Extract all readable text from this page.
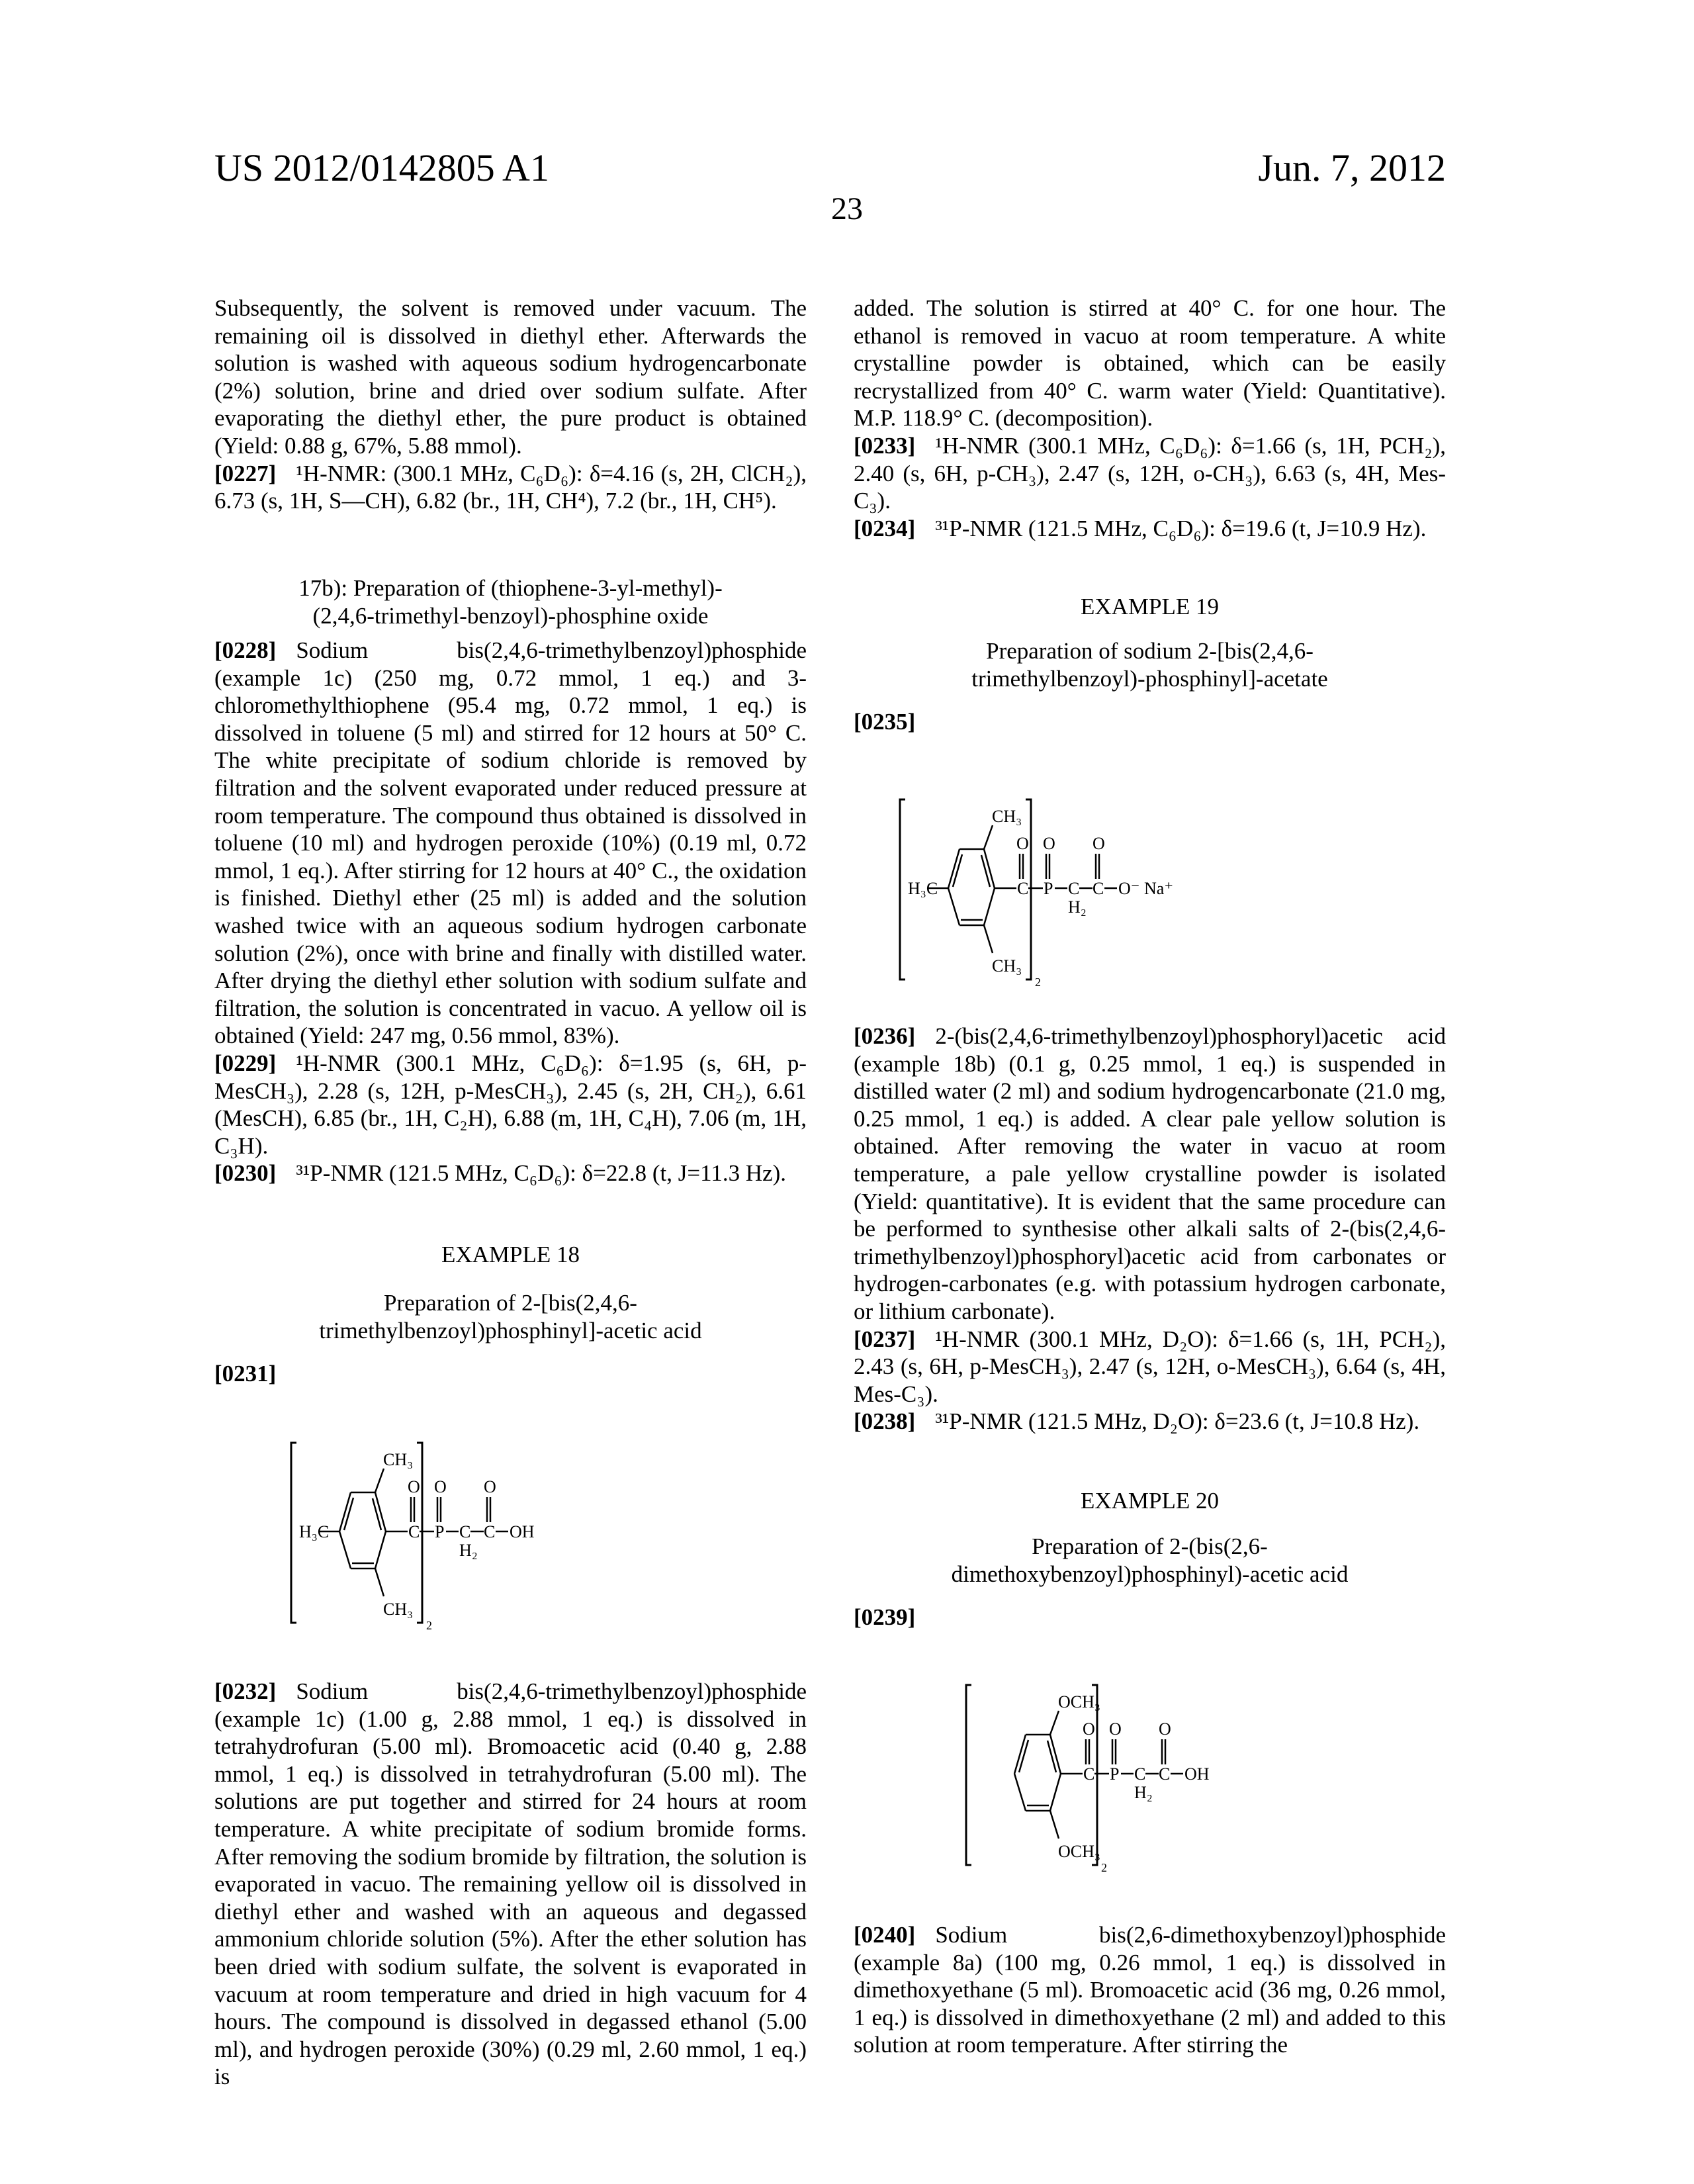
US 2012/0142805 A1	Jun. 7, 2012
23

Subsequently, the solvent is removed under vacuum. The remaining oil is dissolved in diethyl ether. Afterwards the solution is washed with aqueous sodium hydrogencarbonate (2%) solution, brine and dried over sodium sulfate. After evaporating the diethyl ether, the pure product is obtained (Yield: 0.88 g, 67%, 5.88 mmol).

[0227] ¹H-NMR: (300.1 MHz, C₆D₆): δ=4.16 (s, 2H, ClCH₂), 6.73 (s, 1H, S—CH), 6.82 (br., 1H, CH⁴), 7.2 (br., 1H, CH⁵).

17b): Preparation of (thiophene-3-yl-methyl)-(2,4,6-trimethyl-benzoyl)-phosphine oxide

[0228] Sodium bis(2,4,6-trimethylbenzoyl)phosphide (example 1c) (250 mg, 0.72 mmol, 1 eq.) and 3-chloromethylthiophene (95.4 mg, 0.72 mmol, 1 eq.) is dissolved in toluene (5 ml) and stirred for 12 hours at 50° C. The white precipitate of sodium chloride is removed by filtration and the solvent evaporated under reduced pressure at room temperature. The compound thus obtained is dissolved in toluene (10 ml) and hydrogen peroxide (10%) (0.19 ml, 0.72 mmol, 1 eq.). After stirring for 12 hours at 40° C., the oxidation is finished. Diethyl ether (25 ml) is added and the solution washed twice with an aqueous sodium hydrogen carbonate solution (2%), once with brine and finally with distilled water. After drying the diethyl ether solution with sodium sulfate and filtration, the solution is concentrated in vacuo. A yellow oil is obtained (Yield: 247 mg, 0.56 mmol, 83%).

[0229] ¹H-NMR (300.1 MHz, C₆D₆): δ=1.95 (s, 6H, p-MesCH₃), 2.28 (s, 12H, p-MesCH₃), 2.45 (s, 2H, CH₂), 6.61 (MesCH), 6.85 (br., 1H, C₂H), 6.88 (m, 1H, C₄H), 7.06 (m, 1H, C₃H).

[0230] ³¹P-NMR (121.5 MHz, C₆D₆): δ=22.8 (t, J=11.3 Hz).

EXAMPLE 18
Preparation of 2-[bis(2,4,6-trimethylbenzoyl)phosphinyl]-acetic acid
[0231]
2
CH₃
CH₃
H₃C	C
O
P
O
C
H₂
C
O
OH
[0232] Sodium bis(2,4,6-trimethylbenzoyl)phosphide (example 1c) (1.00 g, 2.88 mmol, 1 eq.) is dissolved in tetrahydrofuran (5.00 ml). Bromoacetic acid (0.40 g, 2.88 mmol, 1 eq.) is dissolved in tetrahydrofuran (5.00 ml). The solutions are put together and stirred for 24 hours at room temperature. A white precipitate of sodium bromide forms. After removing the sodium bromide by filtration, the solution is evaporated in vacuo. The remaining yellow oil is dissolved in diethyl ether and washed with an aqueous and degassed ammonium chloride solution (5%). After the ether solution has been dried with sodium sulfate, the solvent is evaporated in vacuum at room temperature and dried in high vacuum for 4 hours. The compound is dissolved in degassed ethanol (5.00 ml), and hydrogen peroxide (30%) (0.29 ml, 2.60 mmol, 1 eq.) is

added. The solution is stirred at 40° C. for one hour. The ethanol is removed in vacuo at room temperature. A white crystalline powder is obtained, which can be easily recrystallized from 40° C. warm water (Yield: Quantitative). M.P. 118.9° C. (decomposition).

[0233] ¹H-NMR (300.1 MHz, C₆D₆): δ=1.66 (s, 1H, PCH₂), 2.40 (s, 6H, p-CH₃), 2.47 (s, 12H, o-CH₃), 6.63 (s, 4H, Mes-C₃).

[0234] ³¹P-NMR (121.5 MHz, C₆D₆): δ=19.6 (t, J=10.9 Hz).

EXAMPLE 19
Preparation of sodium 2-[bis(2,4,6-trimethylbenzoyl)-phosphinyl]-acetate
[0235]
2
CH₃
CH₃
H₃C	C
O
P
O
C
H₂
C
O
O⁻ Na⁺

[0236] 2-(bis(2,4,6-trimethylbenzoyl)phosphoryl)acetic acid (example 18b) (0.1 g, 0.25 mmol, 1 eq.) is suspended in distilled water (2 ml) and sodium hydrogencarbonate (21.0 mg, 0.25 mmol, 1 eq.) is added. A clear pale yellow solution is obtained. After removing the water in vacuo at room temperature, a pale yellow crystalline powder is isolated (Yield: quantitative). It is evident that the same procedure can be performed to synthesise other alkali salts of 2-(bis(2,4,6-trimethylbenzoyl)phosphoryl)acetic acid from carbonates or hydrogen-carbonates (e.g. with potassium hydrogen carbonate, or lithium carbonate).

[0237] ¹H-NMR (300.1 MHz, D₂O): δ=1.66 (s, 1H, PCH₂), 2.43 (s, 6H, p-MesCH₃), 2.47 (s, 12H, o-MesCH₃), 6.64 (s, 4H, Mes-C₃).

[0238] ³¹P-NMR (121.5 MHz, D₂O): δ=23.6 (t, J=10.8 Hz).

EXAMPLE 20
Preparation of 2-(bis(2,6-dimethoxybenzoyl)phosphinyl)-acetic acid
[0239]
2
OCH₃
OCH₃
C
O
P
O
C
H₂
C
O
OH
[0240] Sodium bis(2,6-dimethoxybenzoyl)phosphide (example 8a) (100 mg, 0.26 mmol, 1 eq.) is dissolved in dimethoxyethane (5 ml). Bromoacetic acid (36 mg, 0.26 mmol, 1 eq.) is dissolved in dimethoxyethane (2 ml) and added to this solution at room temperature. After stirring the
